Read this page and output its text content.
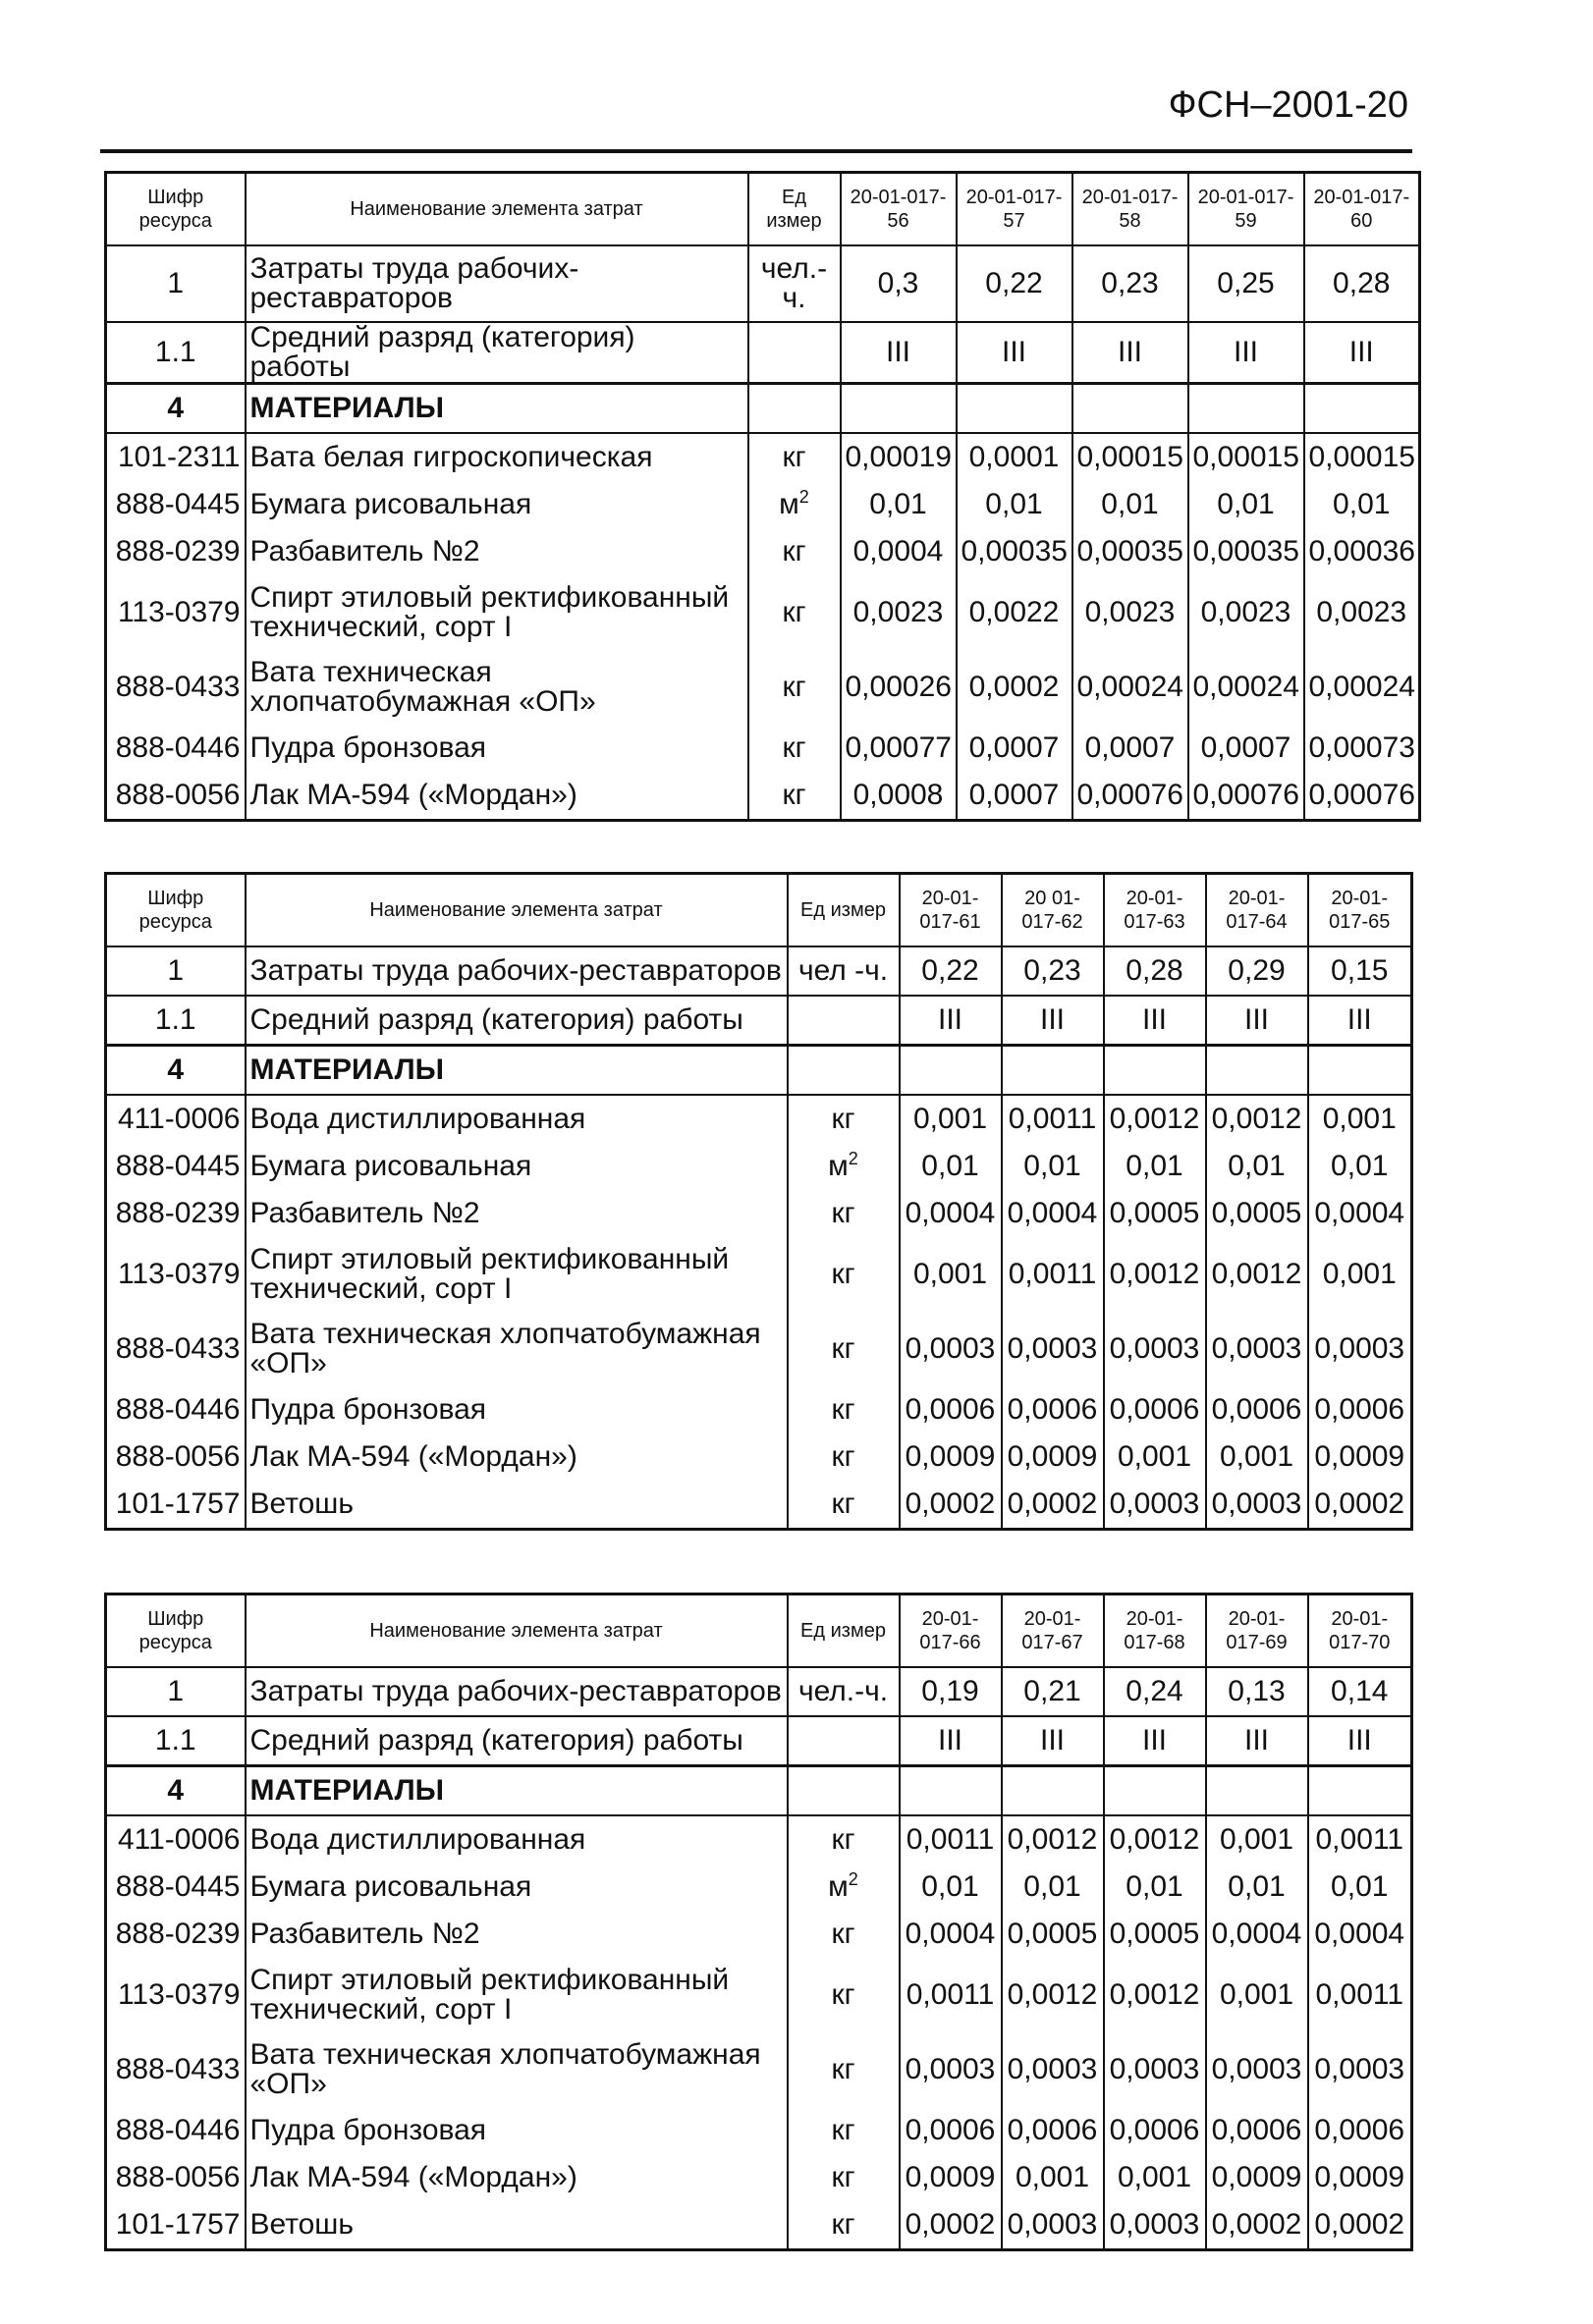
ФСН–2001-20
Шифр ресурса	Наименование элемента затрат	Ед измер	20-01-017-56	20-01-017-57	20-01-017-58	20-01-017-59	20-01-017-60
1	Затраты труда рабочих-реставраторов	чел.-ч.	0,3	0,22	0,23	0,25	0,28
1.1	Средний разряд (категория) работы		III	III	III	III	III
4	МАТЕРИАЛЫ						
101-2311	Вата белая гигроскопическая	кг	0,00019	0,0001	0,00015	0,00015	0,00015
888-0445	Бумага рисовальная	$м^2$	0,01	0,01	0,01	0,01	0,01
888-0239	Разбавитель №2	кг	0,0004	0,00035	0,00035	0,00035	0,00036
113-0379	Спирт этиловый ректификованный технический, сорт I	кг	0,0023	0,0022	0,0023	0,0023	0,0023
888-0433	Вата техническая хлопчатобумажная «ОП»	кг	0,00026	0,0002	0,00024	0,00024	0,00024
888-0446	Пудра бронзовая	кг	0,00077	0,0007	0,0007	0,0007	0,00073
888-0056	Лак МА-594 («Мордан»)	кг	0,0008	0,0007	0,00076	0,00076	0,00076
Шифр ресурса	Наименование элемента затрат	Ед измер	20-01-017-61	20 01-017-62	20-01-017-63	20-01-017-64	20-01-017-65
1	Затраты труда рабочих-реставраторов	чел -ч.	0,22	0,23	0,28	0,29	0,15
1.1	Средний разряд (категория) работы		III	III	III	III	III
4	МАТЕРИАЛЫ						
411-0006	Вода дистиллированная	кг	0,001	0,0011	0,0012	0,0012	0,001
888-0445	Бумага рисовальная	$м^2$	0,01	0,01	0,01	0,01	0,01
888-0239	Разбавитель №2	кг	0,0004	0,0004	0,0005	0,0005	0,0004
113-0379	Спирт этиловый ректификованный технический, сорт I	кг	0,001	0,0011	0,0012	0,0012	0,001
888-0433	Вата техническая хлопчатобумажная «ОП»	кг	0,0003	0,0003	0,0003	0,0003	0,0003
888-0446	Пудра бронзовая	кг	0,0006	0,0006	0,0006	0,0006	0,0006
888-0056	Лак МА-594 («Мордан»)	кг	0,0009	0,0009	0,001	0,001	0,0009
101-1757	Ветошь	кг	0,0002	0,0002	0,0003	0,0003	0,0002
Шифр ресурса	Наименование элемента затрат	Ед измер	20-01-017-66	20-01-017-67	20-01-017-68	20-01-017-69	20-01-017-70
1	Затраты труда рабочих-реставраторов	чел.-ч.	0,19	0,21	0,24	0,13	0,14
1.1	Средний разряд (категория) работы		III	III	III	III	III
4	МАТЕРИАЛЫ						
411-0006	Вода дистиллированная	кг	0,0011	0,0012	0,0012	0,001	0,0011
888-0445	Бумага рисовальная	$м^2$	0,01	0,01	0,01	0,01	0,01
888-0239	Разбавитель №2	кг	0,0004	0,0005	0,0005	0,0004	0,0004
113-0379	Спирт этиловый ректификованный технический, сорт I	кг	0,0011	0,0012	0,0012	0,001	0,0011
888-0433	Вата техническая хлопчатобумажная «ОП»	кг	0,0003	0,0003	0,0003	0,0003	0,0003
888-0446	Пудра бронзовая	кг	0,0006	0,0006	0,0006	0,0006	0,0006
888-0056	Лак МА-594 («Мордан»)	кг	0,0009	0,001	0,001	0,0009	0,0009
101-1757	Ветошь	кг	0,0002	0,0003	0,0003	0,0002	0,0002
